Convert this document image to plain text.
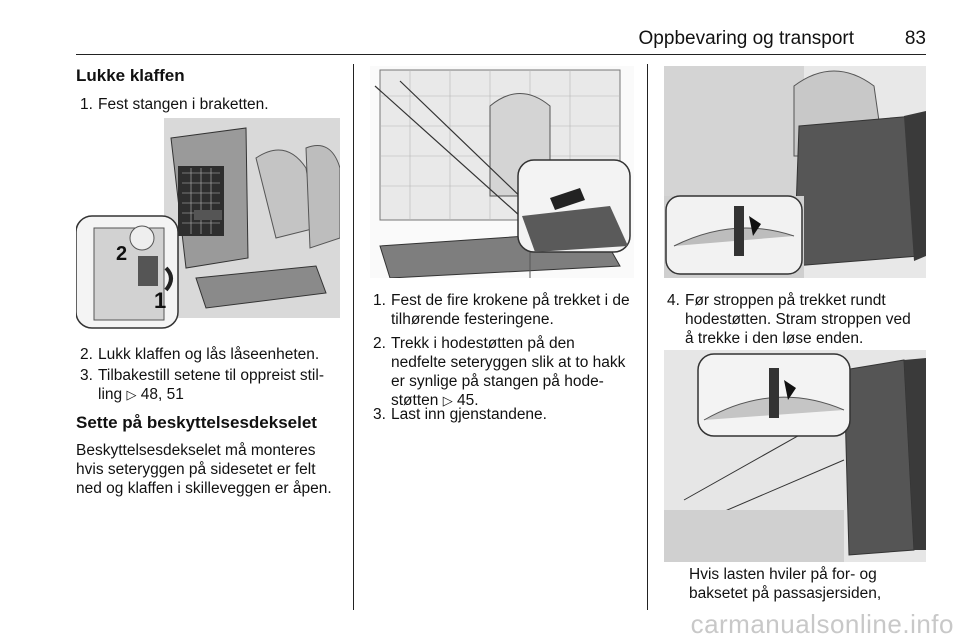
Oppbevaring og transport	83
Lukke klaffen
1. Fest stangen i braketten.
2
1
2. Lukk klaffen og lås låseenheten.
3. Tilbakestill setene til oppreist stil-
ling ▷ 48, 51
Sette på beskyttelsesdekselet
Beskyttelsesdekselet må monteres
hvis seteryggen på sidesetet er felt
ned og klaffen i skilleveggen er åpen.
1. Fest de fire krokene på trekket i de
tilhørende festeringene.
2. Trekk i hodestøtten på den
nedfelte seteryggen slik at to hakk
er synlige på stangen på hode-
støtten ▷ 45.
3. Last inn gjenstandene.
4. Før stroppen på trekket rundt
hodestøtten. Stram stroppen ved
å trekke i den løse enden.
Hvis lasten hviler på for- og
baksetet på passasjersiden,
carmanualsonline.info
